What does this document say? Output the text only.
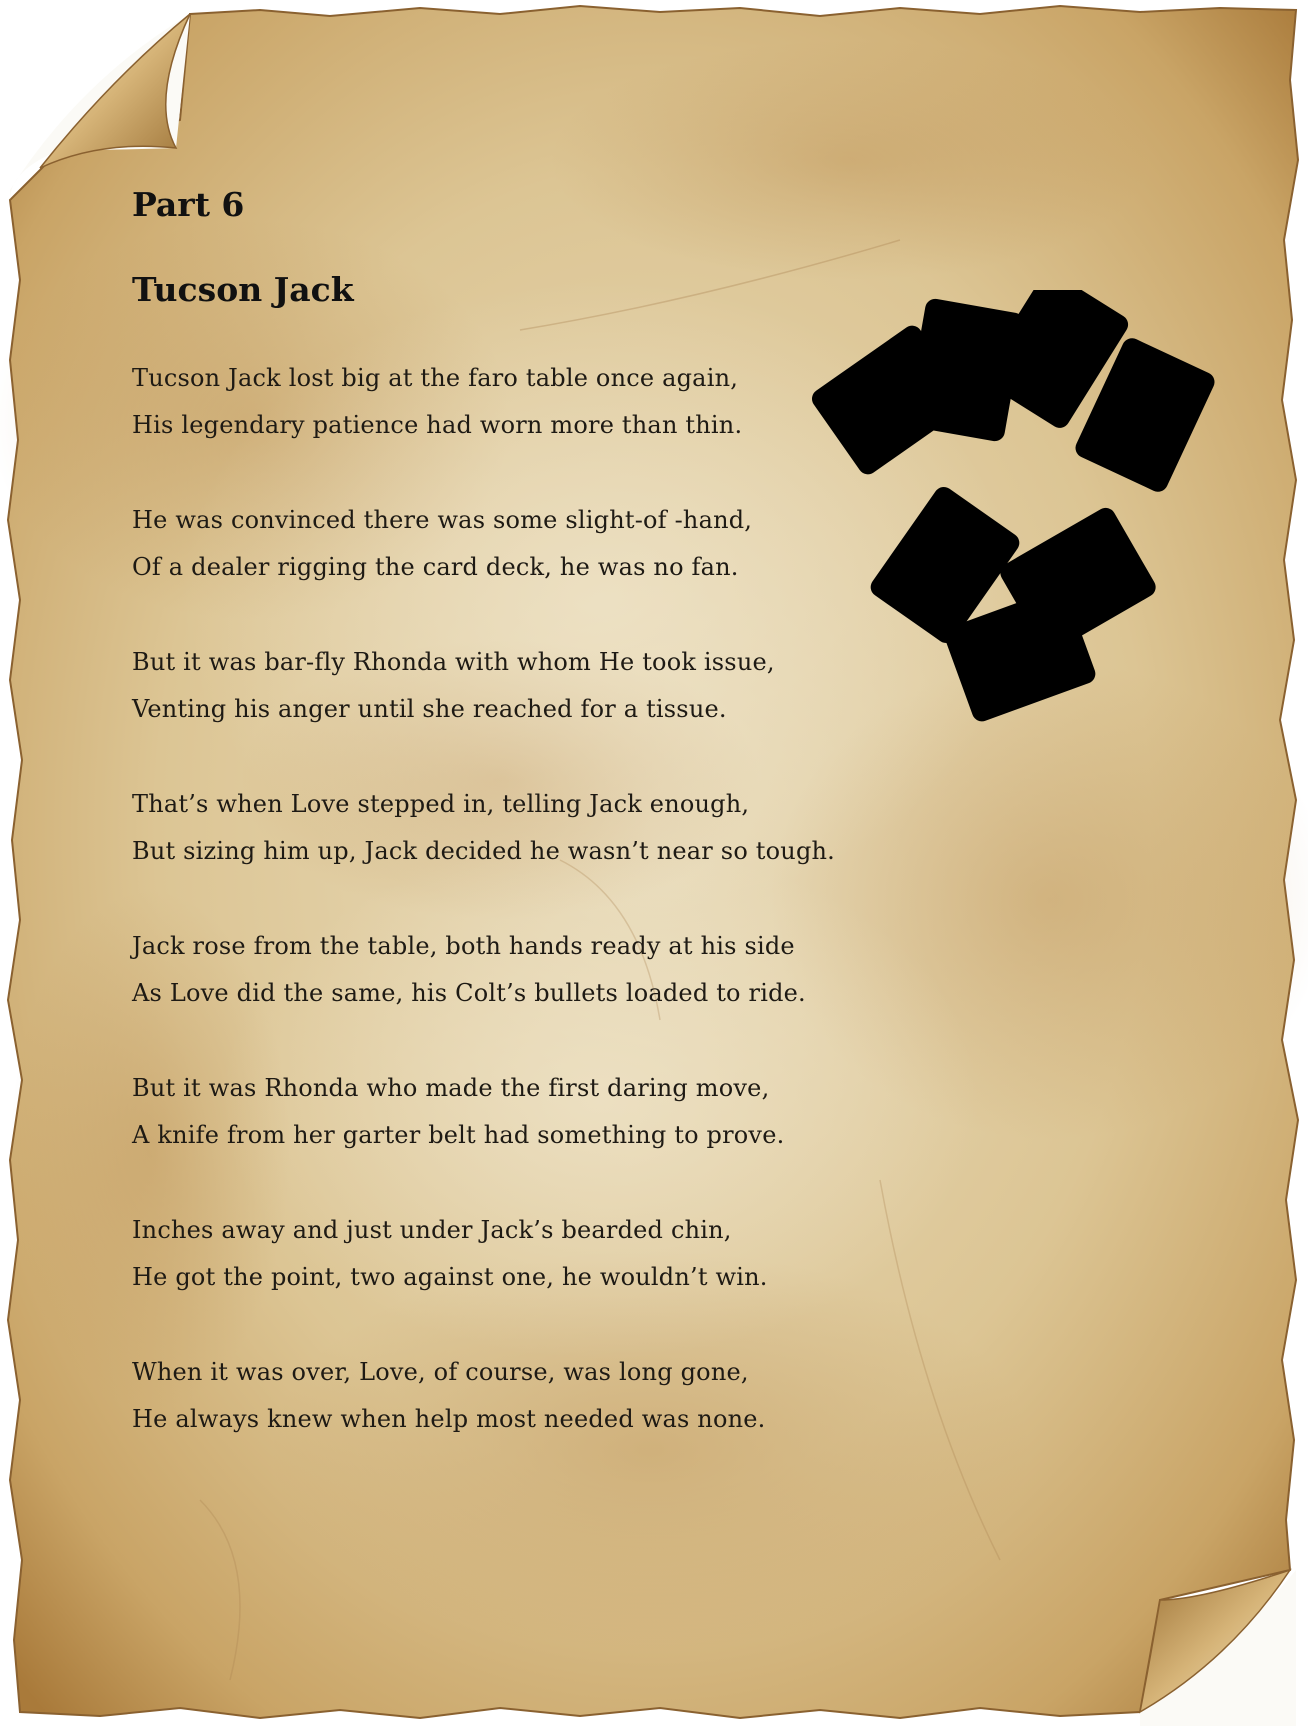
Part 6
Tucson Jack
Tucson Jack lost big at the faro table once again,
His legendary patience had worn more than thin.
He was convinced there was some slight-of -hand,
Of a dealer rigging the card deck, he was no fan.
But it was bar-fly Rhonda with whom He took issue,
Venting his anger until she reached for a tissue.
That’s when Love stepped in, telling Jack enough,
But sizing him up, Jack decided he wasn’t near so tough.
Jack rose from the table, both hands ready at his side
As Love did the same, his Colt’s bullets loaded to ride.
But it was Rhonda who made the first daring move,
A knife from her garter belt had something to prove.
Inches away and just under Jack’s bearded chin,
He got the point, two against one, he wouldn’t win.
When it was over, Love, of course, was long gone,
He always knew when help most needed was none.
